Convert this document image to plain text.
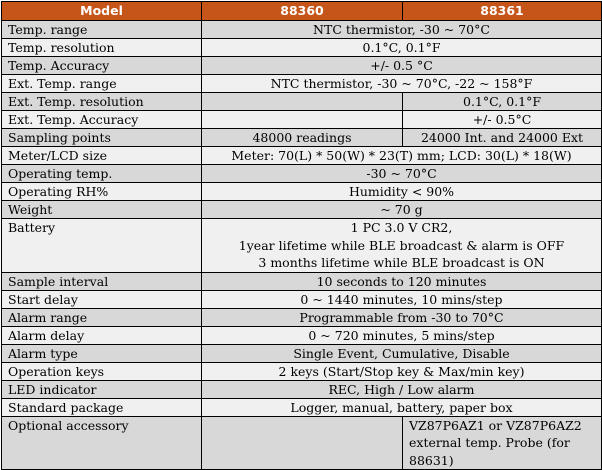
Model	88360	88361
Temp. range	NTC thermistor, -30 ~ 70°C	
Temp. resolution	0.1°C, 0.1°F	
Temp. Accuracy	+/- 0.5 °C	
Ext. Temp. range	NTC thermistor, -30 ~ 70°C, -22 ~ 158°F	
Ext. Temp. resolution		0.1°C, 0.1°F
Ext. Temp. Accuracy		+/- 0.5°C
Sampling points	48000 readings	24000 Int. and 24000 Ext
Meter/LCD size	Meter: 70(L) * 50(W) * 23(T) mm; LCD: 30(L) * 18(W)	
Operating temp.	-30 ~ 70°C	
Operating RH%	Humidity < 90%	
Weight	~ 70 g	
Battery	1 PC 3.0 V CR2,
1year lifetime while BLE broadcast & alarm is OFF
3 months lifetime while BLE broadcast is ON	

Sample interval	10 seconds to 120 minutes	
Start delay	0 ~ 1440 minutes, 10 mins/step	
Alarm range	Programmable from -30 to 70°C	
Alarm delay	0 ~ 720 minutes, 5 mins/step	
Alarm type	Single Event, Cumulative, Disable	
Operation keys	2 keys (Start/Stop key & Max/min key)	
LED indicator	REC, High / Low alarm	
Standard package	Logger, manual, battery, paper box	
Optional accessory		VZ87P6AZ1 or VZ87P6AZ2
external temp. Probe (for
88631)
